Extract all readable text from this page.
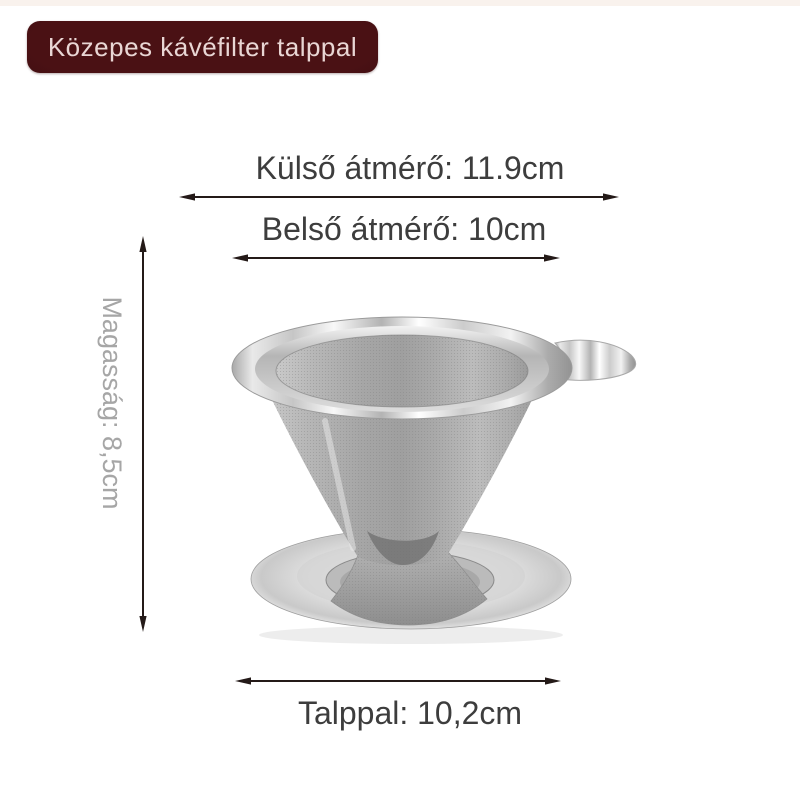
Közepes kávéfilter talppal
Külső átmérő: 11.9cm
Belső átmérő: 10cm
Magasság: 8,5cm
Talppal: 10,2cm
